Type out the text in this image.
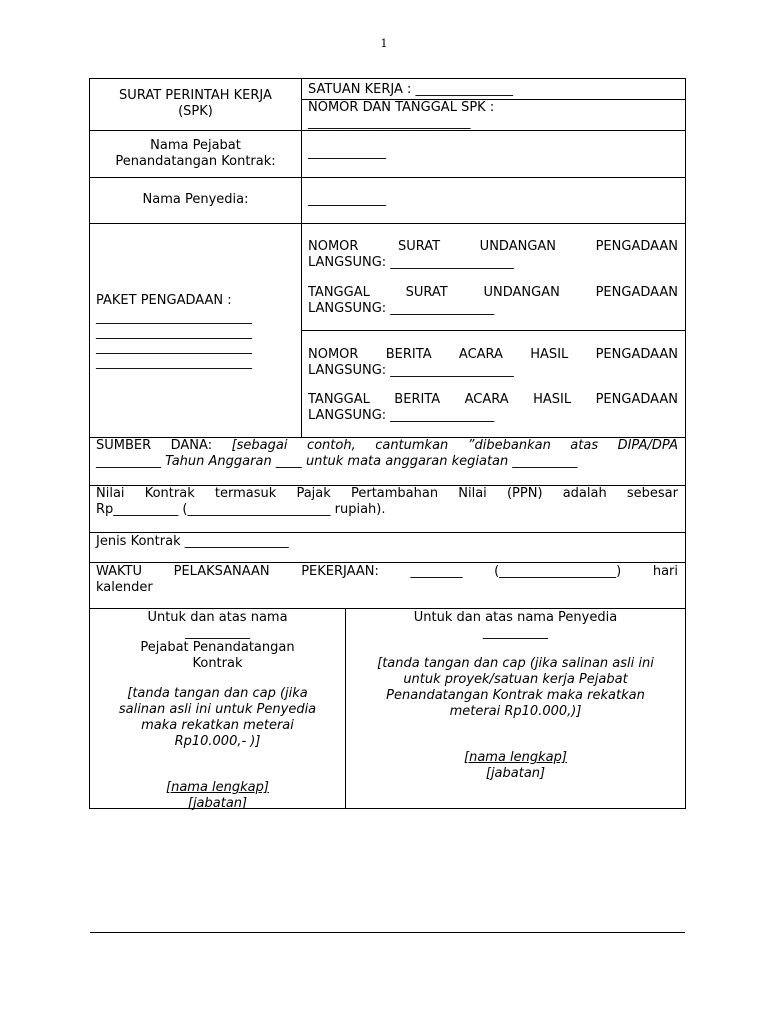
1
SURAT PERINTAH KERJA
(SPK)
SATUAN KERJA : _______________
NOMOR DAN TANGGAL SPK :
_________________________
Nama Pejabat
Penandatangan Kontrak:
____________
Nama Penyedia:	____________
PAKET PENGADAAN :
________________________
________________________
________________________
________________________
NOMOR SURAT UNDANGAN PENGADAAN
LANGSUNG: ___________________
TANGGAL SURAT UNDANGAN PENGADAAN
LANGSUNG: ________________
NOMOR BERITA ACARA HASIL PENGADAAN
LANGSUNG: ___________________
TANGGAL BERITA ACARA HASIL PENGADAAN
LANGSUNG: ________________
SUMBER DANA: [sebagai contoh, cantumkan ”dibebankan atas DIPA/DPA
__________ Tahun Anggaran ____ untuk mata anggaran kegiatan __________
Nilai Kontrak termasuk Pajak Pertambahan Nilai (PPN) adalah sebesar
Rp__________ (______________________ rupiah).
Jenis Kontrak ________________
WAKTU PELAKSANAAN PEKERJAAN: ________ (__________________) hari
kalender
Untuk dan atas nama
__________
Pejabat Penandatangan
Kontrak
[tanda tangan dan cap (jika
salinan asli ini untuk Penyedia
maka rekatkan meterai
Rp10.000,- )]
[nama lengkap]
[jabatan]
Untuk dan atas nama Penyedia
__________
[tanda tangan dan cap (jika salinan asli ini
untuk proyek/satuan kerja Pejabat
Penandatangan Kontrak maka rekatkan
meterai Rp10.000,)]
[nama lengkap]
[jabatan]
